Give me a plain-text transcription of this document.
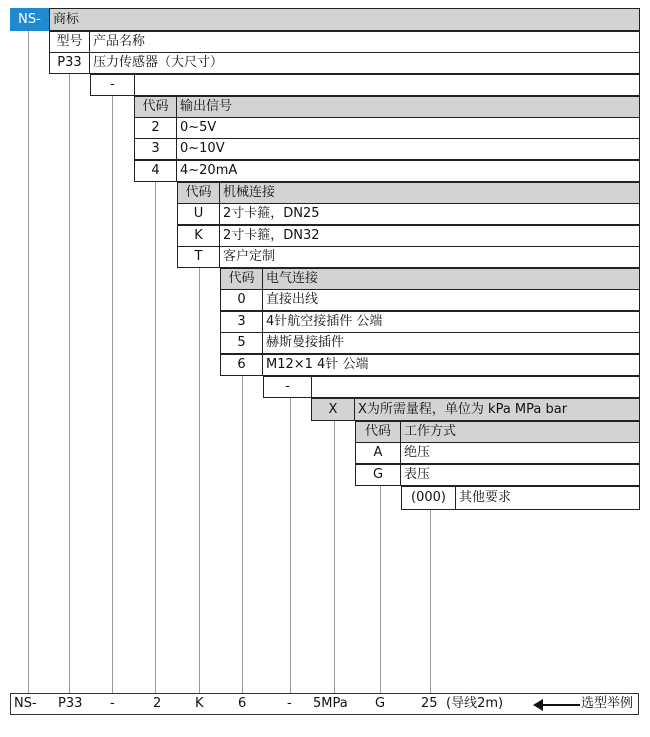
NS- 商标
型号 产品名称
P33 压力传感器（大尺寸）
-
代码 输出信号
2	0~5V
3	0~10V
4	4~20mA
代码 机械连接
U	2寸卡箍，DN25
K	2寸卡箍，DN32
T	客户定制
代码 电气连接
0	直接出线
3	4针航空接插件 公端
5	赫斯曼接插件
6	M12×1 4针 公端
-
X	X为所需量程，单位为 kPa MPa bar
代码	工作方式
A	绝压
G	表压
(000)	其他要求
NS- P33 -	2	K	6	- 5MPa G	25 (导线2m)	选型举例
